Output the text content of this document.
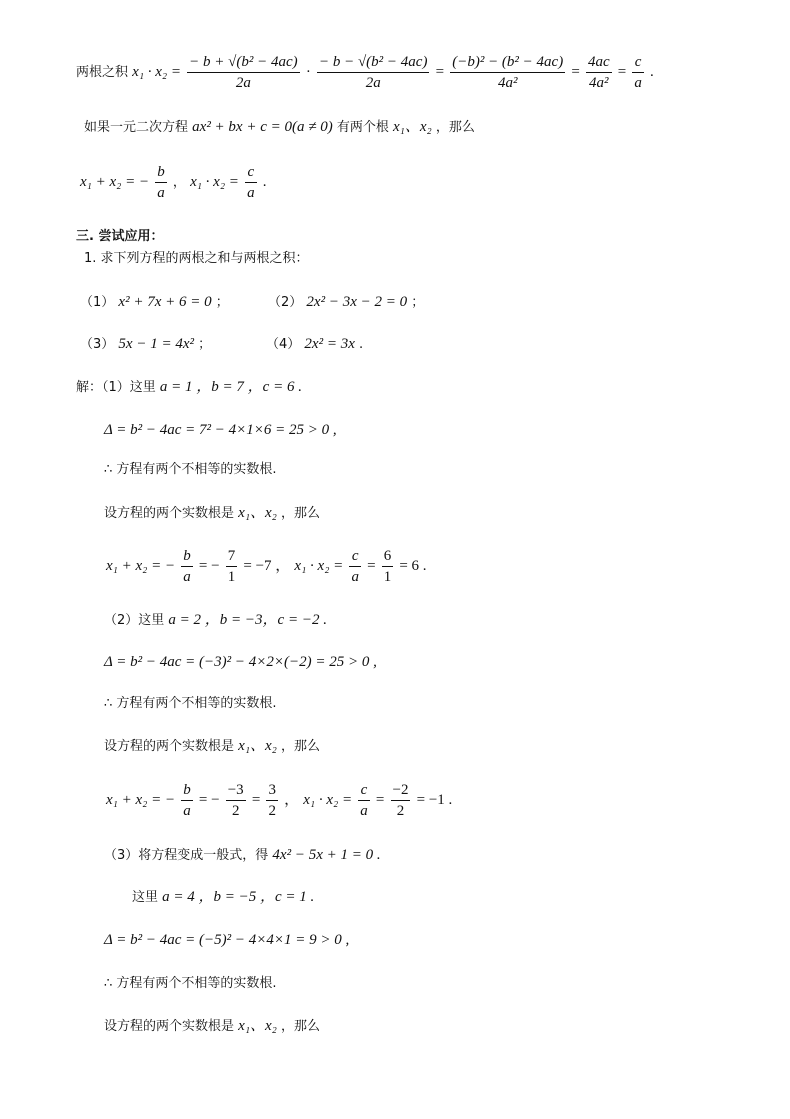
两根之积 $x_1 \cdot x_2 = \frac{\text{− b + √(b² − 4ac)}}{2a} \cdot \frac{\text{− b − √(b² − 4ac)}}{2a} = \frac{\text{(−b)² − (b² − 4ac)}}{\text{4a²}} = \frac{4ac}{\text{4a²}} = \frac{c}{a}$ .
如果一元二次方程 ax² + bx + c = 0(a ≠ 0) 有两个根 x₁、x₂ ，那么
x₁ + x₂ = − $\frac{b}{a}$ ， $x_1 \cdot x_2 = \frac{c}{a}$ .
三. 尝试应用：
1. 求下列方程的两根之和与两根之积：
（1） x² + 7x + 6 = 0 ；	（2） 2x² − 3x − 2 = 0 ；
（3） 5x − 1 = 4x² ；	（4） 2x² = 3x .
解：（1）这里 a = 1 ，b = 7 ，c = 6 .
Δ = b² − 4ac = 7² − 4×1×6 = 25 > 0 ,
∴ 方程有两个不相等的实数根.
设方程的两个实数根是 x₁、x₂ ，那么
x₁ + x₂ = − $\frac{b}{a}$ = − $\frac{7}{1} = -7$ ， $x_1 \cdot x_2 = \frac{c}{a} = \frac{6}{1} = 6$ .
（2）这里 a = 2 ，b = −3，c = −2 .
Δ = b² − 4ac = (−3)² − 4×2×(−2) = 25 > 0 ,
∴ 方程有两个不相等的实数根.
设方程的两个实数根是 x₁、x₂ ，那么
x₁ + x₂ = − $\frac{b}{a}$ = − $\frac{-3}{2} = \frac{3}{2}$ ， $x_1 \cdot x_2 = \frac{c}{a} = \frac{-2}{2} = -1$ .
（3）将方程变成一般式，得 4x² − 5x + 1 = 0 .
这里 a = 4 ，b = −5 ，c = 1 .
Δ = b² − 4ac = (−5)² − 4×4×1 = 9 > 0 ,
∴ 方程有两个不相等的实数根.
设方程的两个实数根是 x₁、x₂ ，那么
